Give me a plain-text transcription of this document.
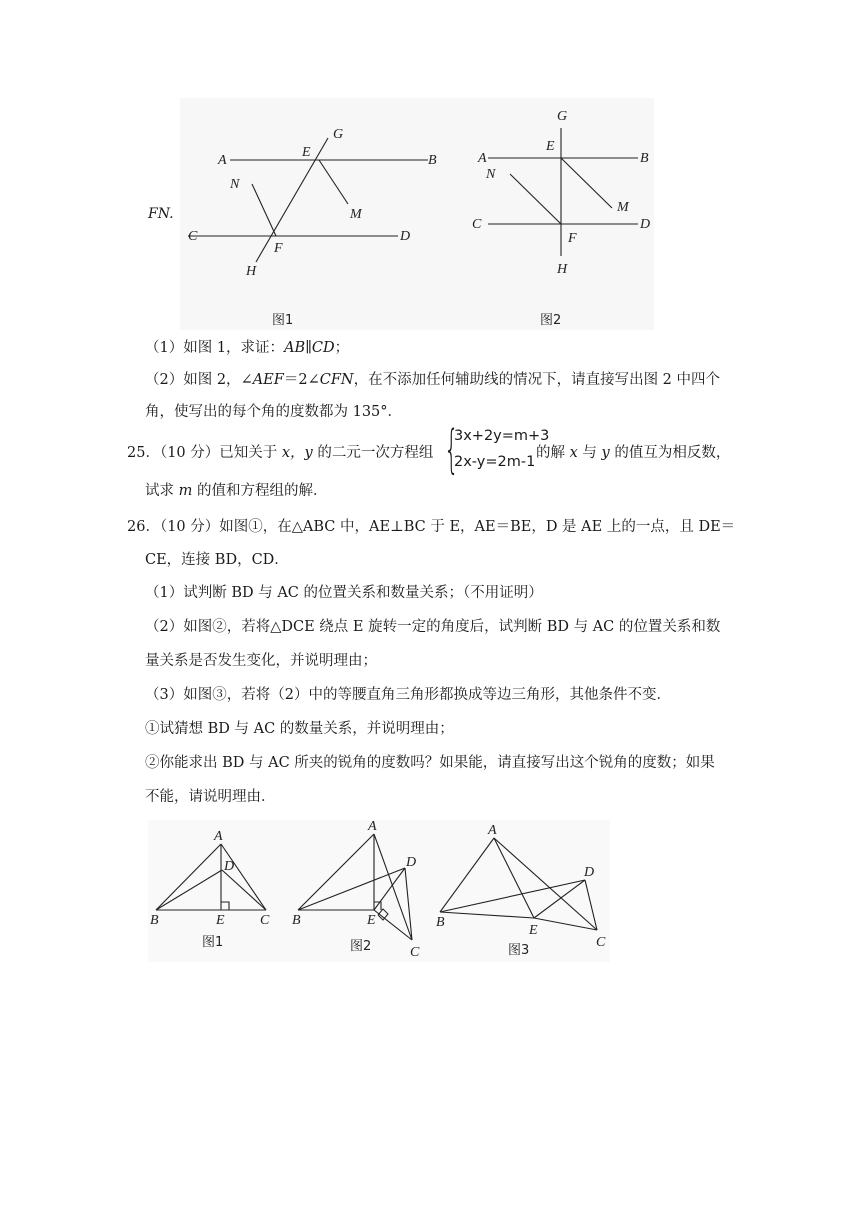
FN.
A	B
E
G
N
M
C	D
F
H
图1
A	B
E
G
N
M
C	D
F
H
图2
（1）如图 1，求证：AB∥CD；
（2）如图 2，∠AEF＝2∠CFN，在不添加任何辅助线的情况下，请直接写出图 2 中四个
角，使写出的每个角的度数都为 135°．
25．（10 分）已知关于 x，y 的二元一次方程组 {
3x+2y=m+3
2x-y=2m-1
的解 x 与 y 的值互为相反数，
试求 m 的值和方程组的解．
26．（10 分）如图①，在△ABC 中，AE⊥BC 于 E，AE＝BE，D 是 AE 上的一点，且 DE＝
CE，连接 BD，CD．
（1）试判断 BD 与 AC 的位置关系和数量关系；（不用证明）
（2）如图②，若将△DCE 绕点 E 旋转一定的角度后，试判断 BD 与 AC 的位置关系和数
量关系是否发生变化，并说明理由；
（3）如图③，若将（2）中的等腰直角三角形都换成等边三角形，其他条件不变．
①试猜想 BD 与 AC 的数量关系，并说明理由；
②你能求出 BD 与 AC 所夹的锐角的度数吗？如果能，请直接写出这个锐角的度数；如果
不能，请说明理由．
A
D
B	E	C
图1
A
D
B	E
C
图2
A
D
B
E
C
图3
